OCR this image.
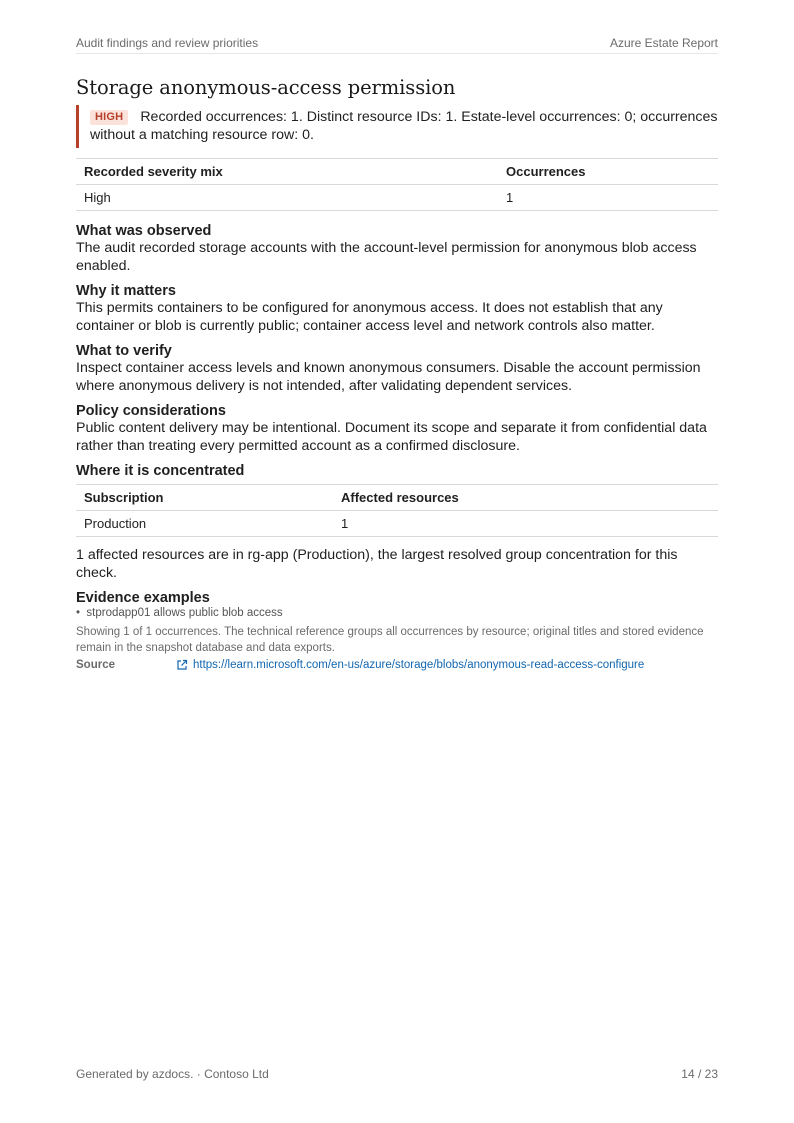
Audit findings and review priorities	Azure Estate Report
Storage anonymous-access permission
HIGH Recorded occurrences: 1. Distinct resource IDs: 1. Estate-level occurrences: 0; occurrences without a matching resource row: 0.
Recorded severity mix	Occurrences
High	1
What was observed

The audit recorded storage accounts with the account-level permission for anonymous blob access enabled.

Why it matters

This permits containers to be configured for anonymous access. It does not establish that any container or blob is currently public; container access level and network controls also matter.

What to verify

Inspect container access levels and known anonymous consumers. Disable the account permission where anonymous delivery is not intended, after validating dependent services.

Policy considerations

Public content delivery may be intentional. Document its scope and separate it from confidential data rather than treating every permitted account as a confirmed disclosure.

Where it is concentrated
Subscription	Affected resources
Production	1
1 affected resources are in rg-app (Production), the largest resolved group concentration for this check.
Evidence examples
•  stprodapp01 allows public blob access
Showing 1 of 1 occurrences. The technical reference groups all occurrences by resource; original titles and stored evidence remain in the snapshot database and data exports.
Source	https://learn.microsoft.com/en-us/azure/storage/blobs/anonymous-read-access-configure
Generated by azdocs. · Contoso Ltd	14 / 23
